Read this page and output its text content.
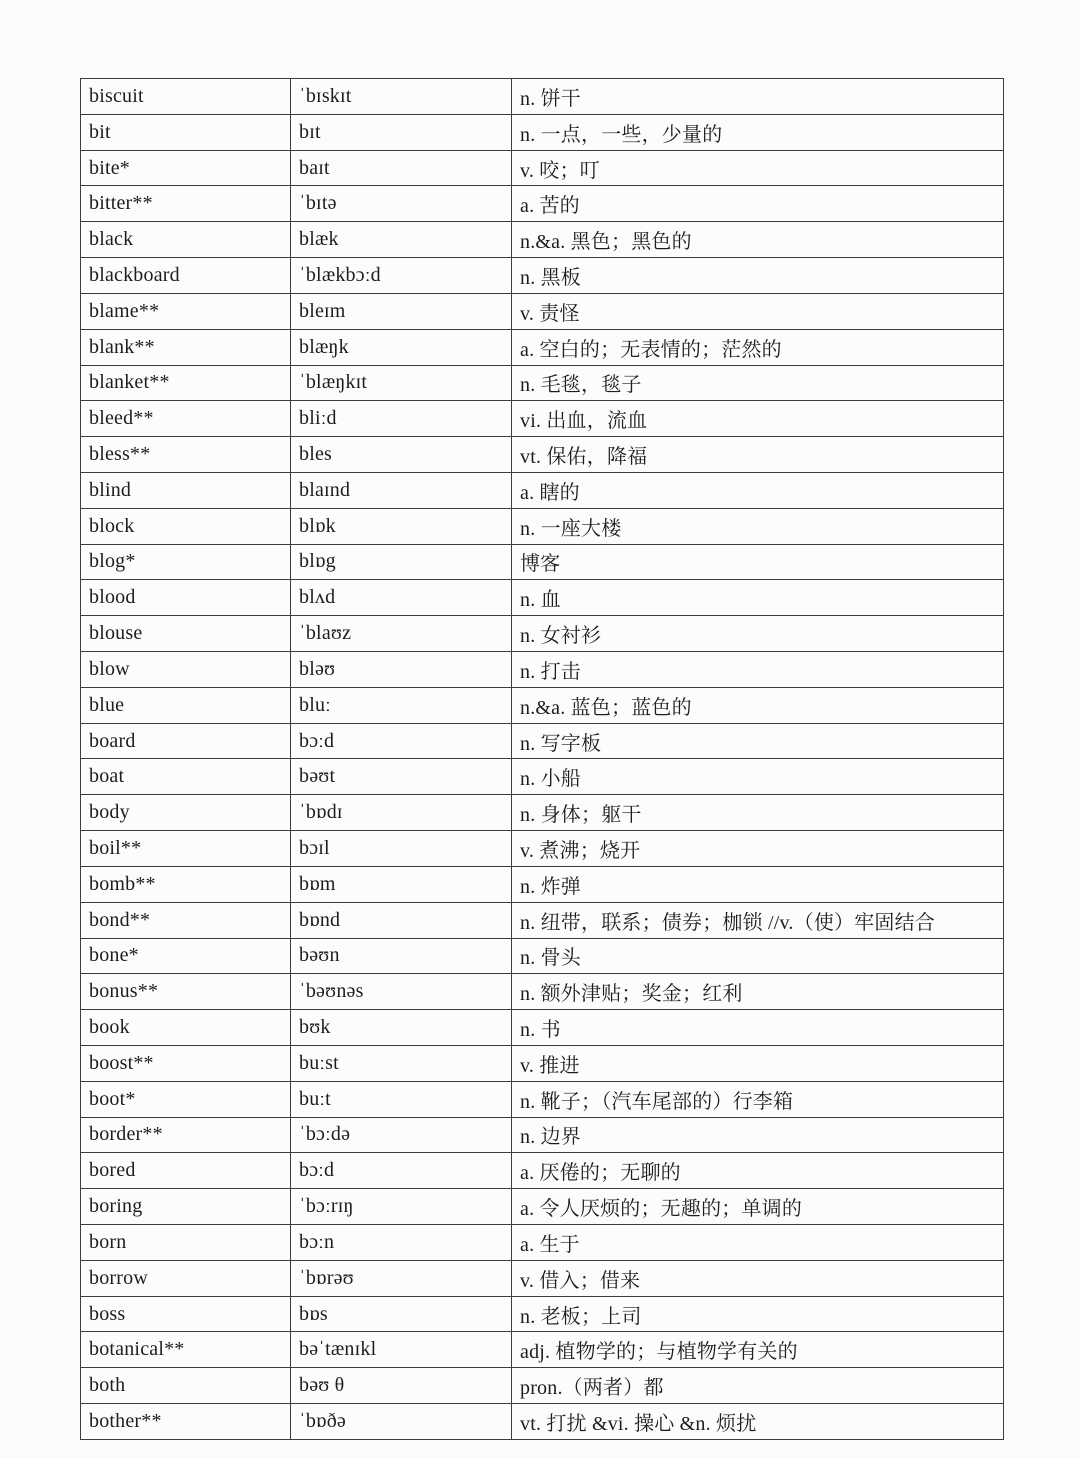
biscuit	ˈbɪskɪt	n. 饼干
bit	bɪt	n. 一点，一些，少量的
bite*	baɪt	v. 咬；叮
bitter**	ˈbɪtə	a. 苦的
black	blæk	n.&a. 黑色；黑色的
blackboard	ˈblækbɔːd	n. 黑板
blame**	bleɪm	v. 责怪
blank**	blæŋk	a. 空白的；无表情的；茫然的
blanket**	ˈblæŋkɪt	n. 毛毯，毯子
bleed**	bliːd	vi. 出血，流血
bless**	bles	vt. 保佑，降福
blind	blaɪnd	a. 瞎的
block	blɒk	n. 一座大楼
blog*	blɒg	博客
blood	blʌd	n. 血
blouse	ˈblaʊz	n. 女衬衫
blow	bləʊ	n. 打击
blue	bluː	n.&a. 蓝色；蓝色的
board	bɔːd	n. 写字板
boat	bəʊt	n. 小船
body	ˈbɒdɪ	n. 身体；躯干
boil**	bɔɪl	v. 煮沸；烧开
bomb**	bɒm	n. 炸弹
bond**	bɒnd	n. 纽带，联系；债券；枷锁 //v.（使）牢固结合
bone*	bəʊn	n. 骨头
bonus**	ˈbəʊnəs	n. 额外津贴；奖金；红利
book	bʊk	n. 书
boost**	buːst	v. 推进
boot*	buːt	n. 靴子；（汽车尾部的）行李箱
border**	ˈbɔːdə	n. 边界
bored	bɔːd	a. 厌倦的；无聊的
boring	ˈbɔːrɪŋ	a. 令人厌烦的；无趣的；单调的
born	bɔːn	a. 生于
borrow	ˈbɒrəʊ	v. 借入；借来
boss	bɒs	n. 老板；上司
botanical**	bəˈtænɪkl	adj. 植物学的；与植物学有关的
both	bəʊ θ	pron.（两者）都
bother**	ˈbɒðə	vt. 打扰 &vi. 操心 &n. 烦扰
